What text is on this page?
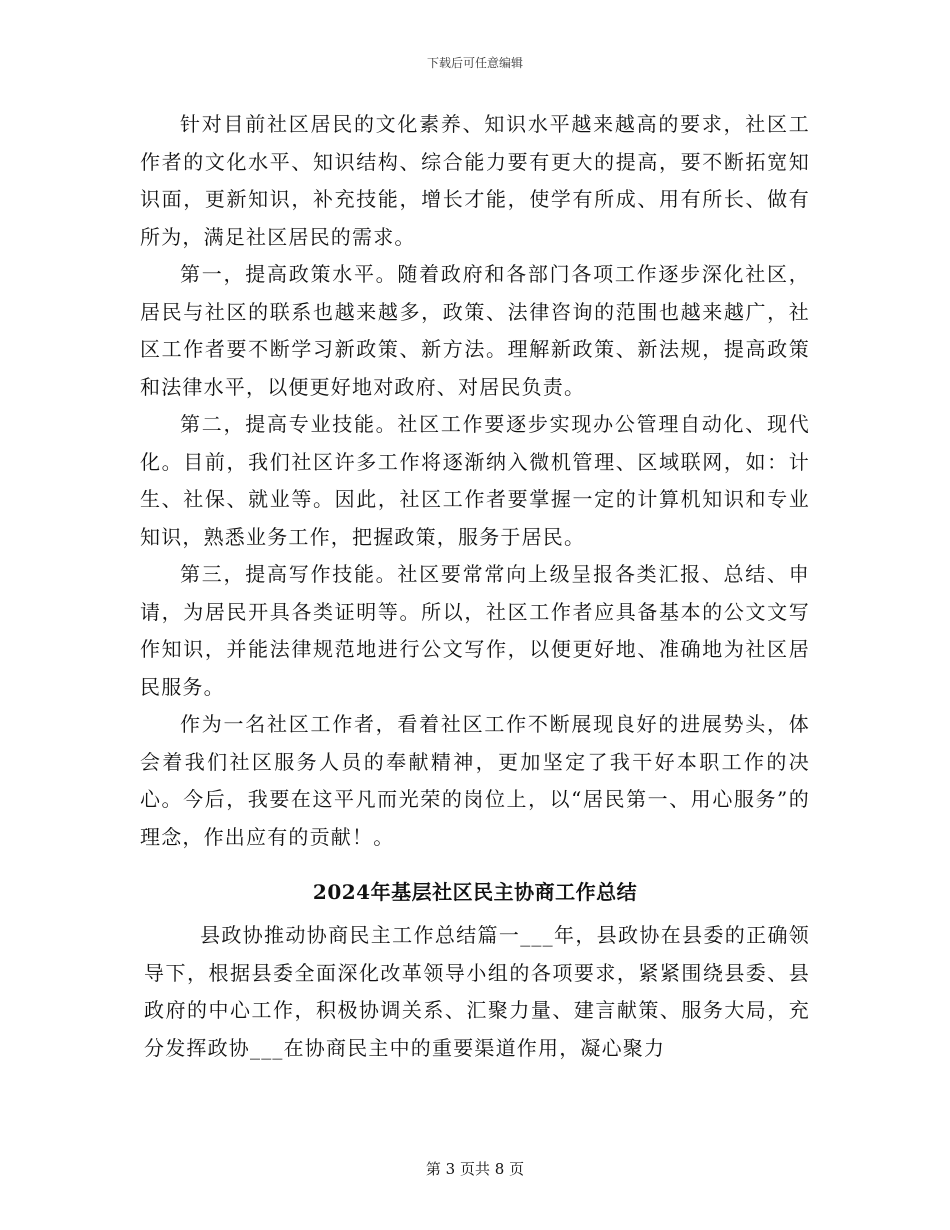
下载后可任意编辑

针对目前社区居民的文化素养、知识水平越来越高的要求，社区工作者的文化水平、知识结构、综合能力要有更大的提高，要不断拓宽知识面，更新知识，补充技能，增长才能，使学有所成、用有所长、做有所为，满足社区居民的需求。

第一，提高政策水平。随着政府和各部门各项工作逐步深化社区，居民与社区的联系也越来越多，政策、法律咨询的范围也越来越广，社区工作者要不断学习新政策、新方法。理解新政策、新法规，提高政策和法律水平，以便更好地对政府、对居民负责。

第二，提高专业技能。社区工作要逐步实现办公管理自动化、现代化。目前，我们社区许多工作将逐渐纳入微机管理、区域联网，如：计生、社保、就业等。因此，社区工作者要掌握一定的计算机知识和专业知识，熟悉业务工作，把握政策，服务于居民。

第三，提高写作技能。社区要常常向上级呈报各类汇报、总结、申请，为居民开具各类证明等。所以，社区工作者应具备基本的公文文写作知识，并能法律规范地进行公文写作，以便更好地、准确地为社区居民服务。

作为一名社区工作者，看着社区工作不断展现良好的进展势头，体会着我们社区服务人员的奉献精神，更加坚定了我干好本职工作的决心。今后，我要在这平凡而光荣的岗位上，以“居民第一、用心服务”的理念，作出应有的贡献！。

2024年基层社区民主协商工作总结

县政协推动协商民主工作总结篇一___年，县政协在县委的正确领导下，根据县委全面深化改革领导小组的各项要求，紧紧围绕县委、县政府的中心工作，积极协调关系、汇聚力量、建言献策、服务大局，充分发挥政协___在协商民主中的重要渠道作用，凝心聚力

第 3 页共 8 页
